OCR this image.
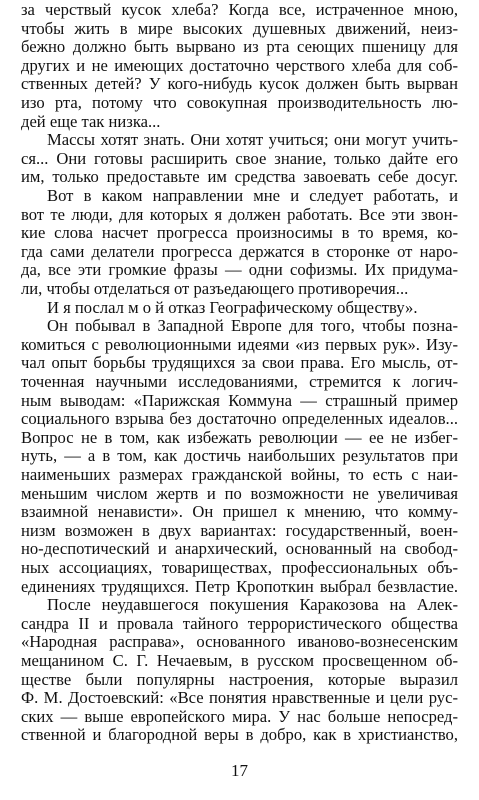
за черствый кусок хлеба? Когда все, истраченное мною,
чтобы жить в мире высоких душевных движений, неиз-
бежно должно быть вырвано из рта сеющих пшеницу для
других и не имеющих достаточно черствого хлеба для соб-
ственных детей? У кого-нибудь кусок должен быть вырван
изо рта, потому что совокупная производительность лю-
дей еще так низка...
Массы хотят знать. Они хотят учиться; они могут учить-
ся... Они готовы расширить свое знание, только дайте его
им, только предоставьте им средства завоевать себе досуг.
Вот в каком направлении мне и следует работать, и
вот те люди, для которых я должен работать. Все эти звон-
кие слова насчет прогресса произносимы в то время, ко-
гда сами делатели прогресса держатся в сторонке от наро-
да, все эти громкие фразы — одни софизмы. Их придума-
ли, чтобы отделаться от разъедающего противоречия...
И я послал м о й отказ Географическому обществу».
Он побывал в Западной Европе для того, чтобы позна-
комиться с революционными идеями «из первых рук». Изу-
чал опыт борьбы трудящихся за свои права. Его мысль, от-
точенная научными исследованиями, стремится к логич-
ным выводам: «Парижская Коммуна — страшный пример
социального взрыва без достаточно определенных идеалов...
Вопрос не в том, как избежать революции — ее не избег-
нуть, — а в том, как достичь наибольших результатов при
наименьших размерах гражданской войны, то есть с наи-
меньшим числом жертв и по возможности не увеличивая
взаимной ненависти». Он пришел к мнению, что комму-
низм возможен в двух вариантах: государственный, воен-
но-деспотический и анархический, основанный на свобод-
ных ассоциациях, товариществах, профессиональных объ-
единениях трудящихся. Петр Кропоткин выбрал безвластие.
После неудавшегося покушения Каракозова на Алек-
сандра II и провала тайного террористического общества
«Народная расправа», основанного иваново-вознесенским
мещанином С. Г. Нечаевым, в русском просвещенном об-
ществе были популярны настроения, которые выразил
Ф. М. Достоевский: «Все понятия нравственные и цели рус-
ских — выше европейского мира. У нас больше непосред-
ственной и благородной веры в добро, как в христианство,
17
